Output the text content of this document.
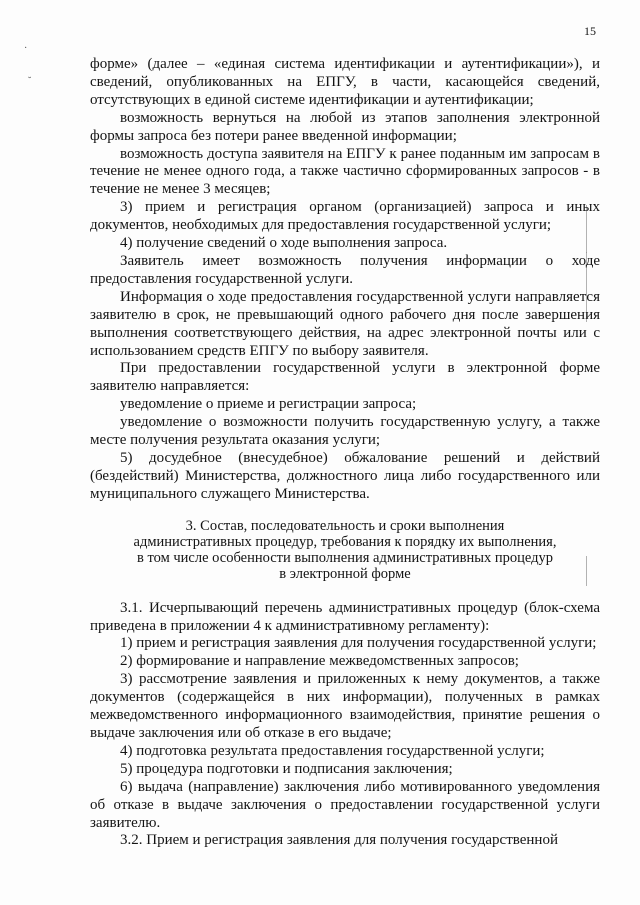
15
·
˘

форме» (далее – «единая система идентификации и аутентификации»), и сведений, опубликованных на ЕПГУ, в части, касающейся сведений, отсутствующих в единой системе идентификации и аутентификации;

возможность вернуться на любой из этапов заполнения электронной формы запроса без потери ранее введенной информации;

возможность доступа заявителя на ЕПГУ к ранее поданным им запросам в течение не менее одного года, а также частично сформированных запросов - в течение не менее 3 месяцев;

3) прием и регистрация органом (организацией) запроса и иных документов, необходимых для предоставления государственной услуги;

4) получение сведений о ходе выполнения запроса.

Заявитель имеет возможность получения информации о ходе предоставления государственной услуги.

Информация о ходе предоставления государственной услуги направляется заявителю в срок, не превышающий одного рабочего дня после завершения выполнения соответствующего действия, на адрес электронной почты или с использованием средств ЕПГУ по выбору заявителя.

При предоставлении государственной услуги в электронной форме заявителю направляется:

уведомление о приеме и регистрации запроса;

уведомление о возможности получить государственную услугу, а также месте получения результата оказания услуги;

5) досудебное (внесудебное) обжалование решений и действий (бездействий) Министерства, должностного лица либо государственного или муниципального служащего Министерства.

3. Состав, последовательность и сроки выполнения
административных процедур, требования к порядку их выполнения,
в том числе особенности выполнения административных процедур
в электронной форме

3.1. Исчерпывающий перечень административных процедур (блок-схема приведена в приложении 4 к административному регламенту):

1) прием и регистрация заявления для получения государственной услуги;

2) формирование и направление межведомственных запросов;

3) рассмотрение заявления и приложенных к нему документов, а также документов (содержащейся в них информации), полученных в рамках межведомственного информационного взаимодействия, принятие решения о выдаче заключения или об отказе в его выдаче;

4) подготовка результата предоставления государственной услуги;

5) процедура подготовки и подписания заключения;

6) выдача (направление) заключения либо мотивированного уведомления об отказе в выдаче заключения о предоставлении государственной услуги заявителю.

3.2. Прием и регистрация заявления для получения государственной
